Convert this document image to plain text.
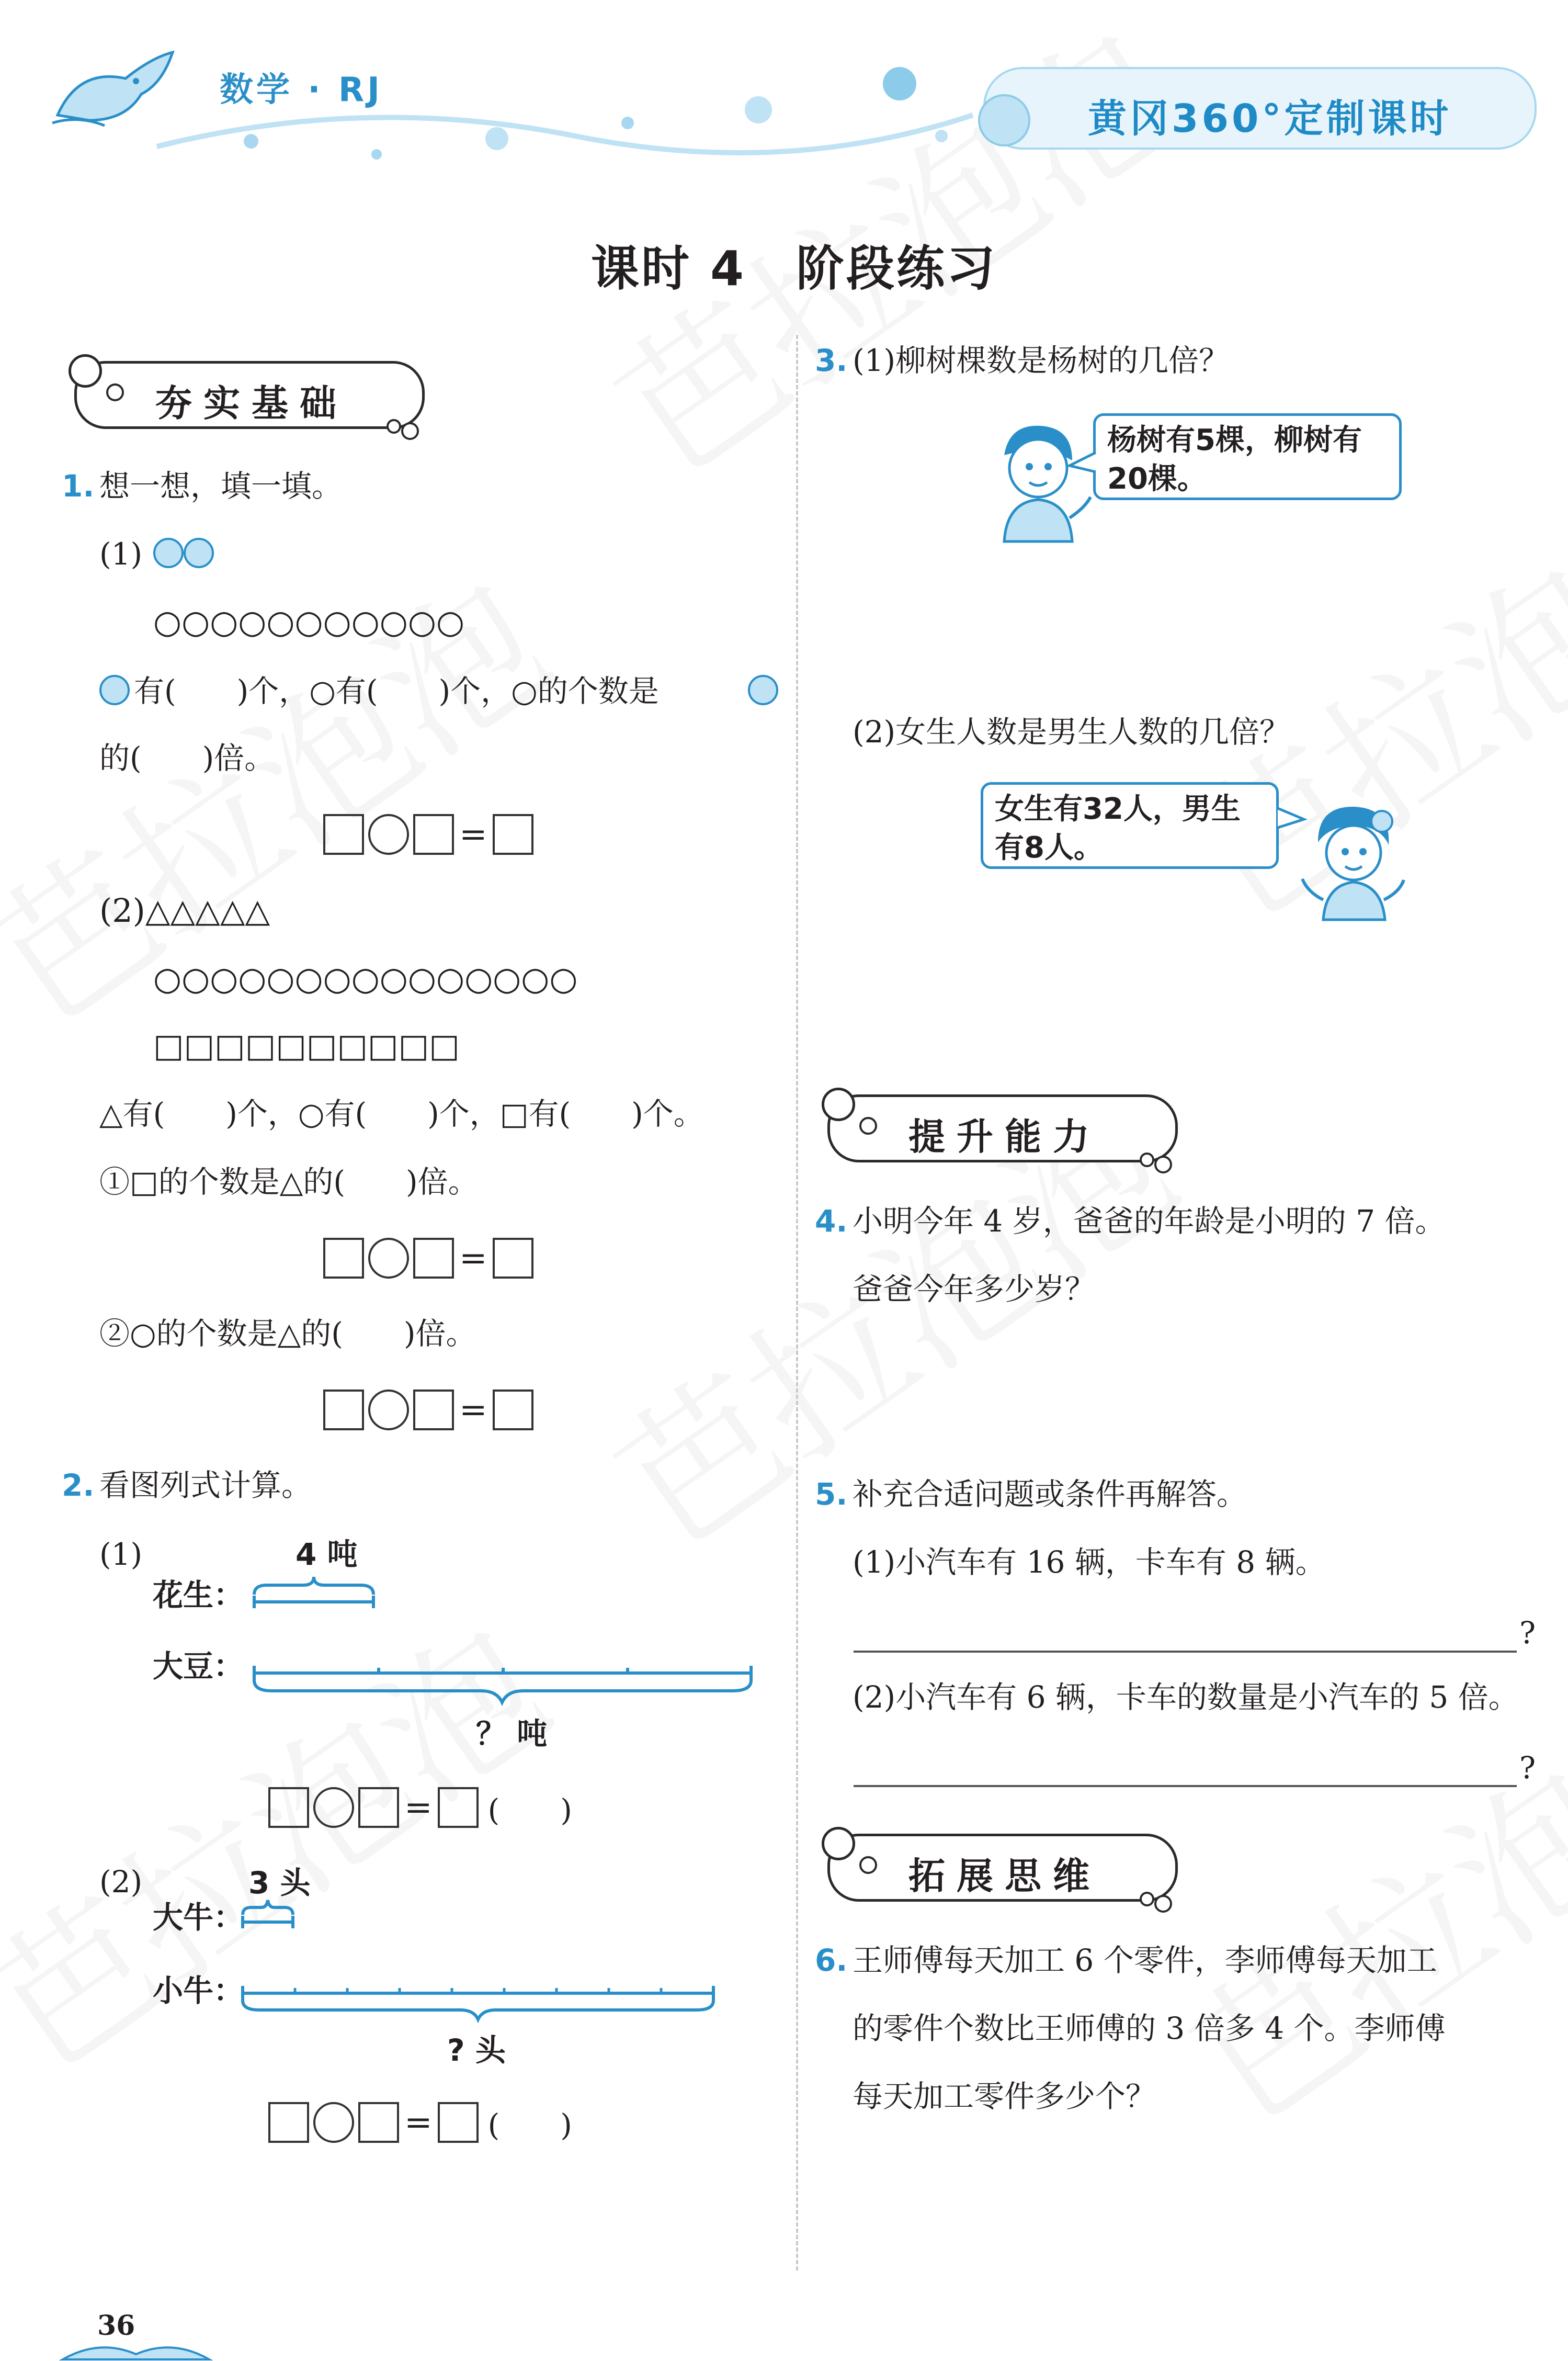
数学 · RJ
黄冈360°定制课时
课时 4　阶段练习
夯实基础
1. 想一想，填一填。
(1)
○○○○○○○○○○○
有(　　)个，○有(　　)个，○的个数是
的(　　)倍。
=
(2)△△△△△
○○○○○○○○○○○○○○○
□□□□□□□□□□
△有(　　)个，○有(　　)个，□有(　　)个。
①□的个数是△的(　　)倍。
=
②○的个数是△的(　　)倍。
=
2. 看图列式计算。
(1)	4 吨
花生：
大豆：
？ 吨
= (　　)
(2)	3 头
大牛：
小牛：
? 头
= (　　)
3. (1)柳树棵数是杨树的几倍？
杨树有5棵，柳树有
20棵。
(2)女生人数是男生人数的几倍？
女生有32人，男生
有8人。
提升能力
4. 小明今年 4 岁，爸爸的年龄是小明的 7 倍。
爸爸今年多少岁？
5. 补充合适问题或条件再解答。
(1)小汽车有 16 辆，卡车有 8 辆。
?
(2)小汽车有 6 辆，卡车的数量是小汽车的 5 倍。
?
拓展思维
6. 王师傅每天加工 6 个零件，李师傅每天加工
的零件个数比王师傅的 3 倍多 4 个。李师傅
每天加工零件多少个？
36
